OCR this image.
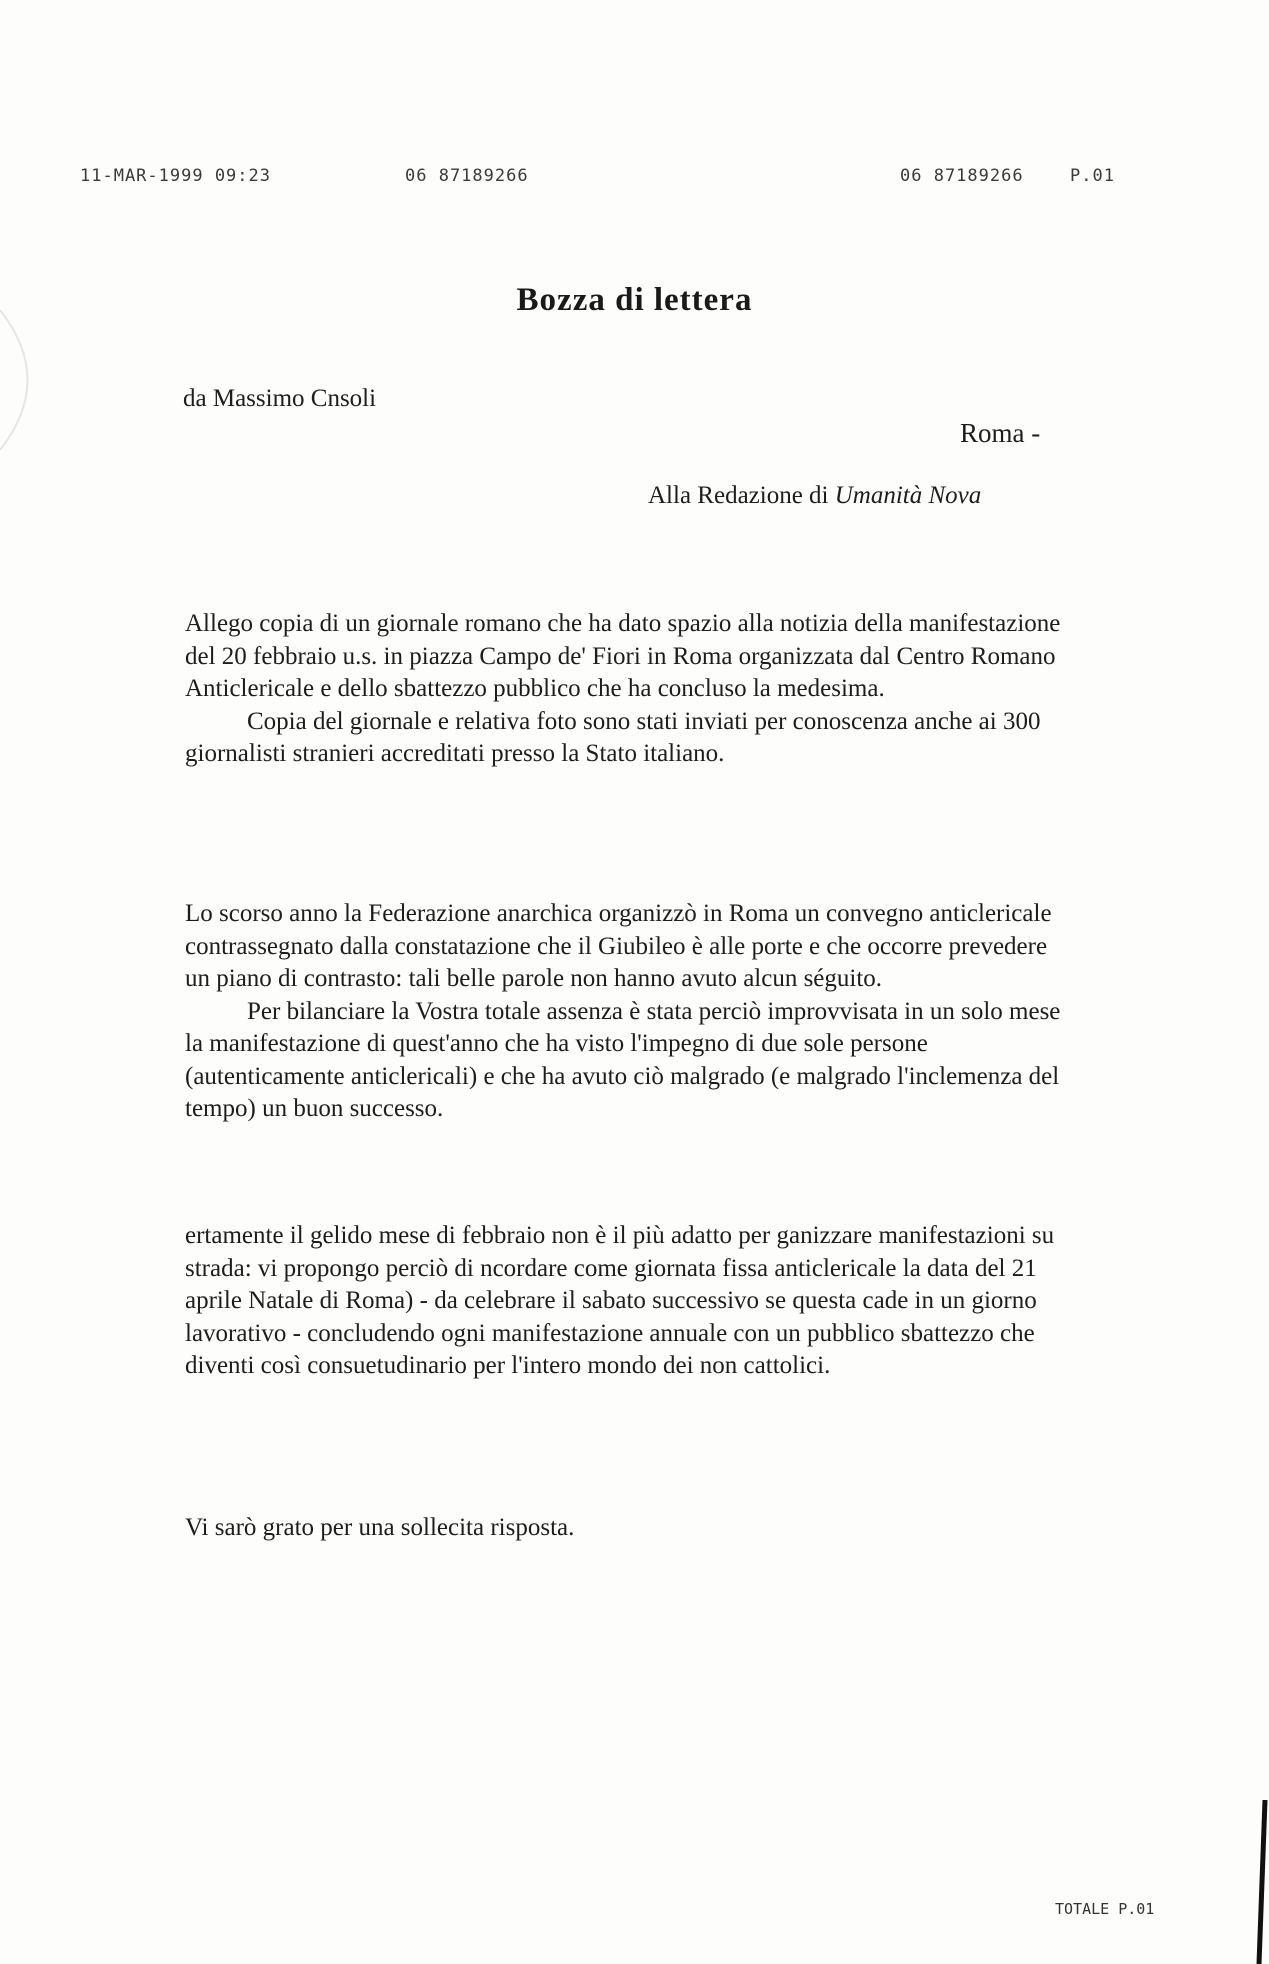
11-MAR-1999 09:23	06 87189266	06 87189266	P.01
Bozza di lettera
da Massimo Cnsoli
Roma -
Alla Redazione di Umanità Nova

Allego copia di un giornale romano che ha dato spazio alla notizia della manifestazione del 20 febbraio u.s. in piazza Campo de' Fiori in Roma organizzata dal Centro Romano Anticlericale e dello sbattezzo pubblico che ha concluso la medesima.

Copia del giornale e relativa foto sono stati inviati per conoscenza anche ai 300 giornalisti stranieri accreditati presso la Stato italiano.

Lo scorso anno la Federazione anarchica organizzò in Roma un convegno anticlericale contrassegnato dalla constatazione che il Giubileo è alle porte e che occorre prevedere un piano di contrasto: tali belle parole non hanno avuto alcun séguito.

Per bilanciare la Vostra totale assenza è stata perciò improvvisata in un solo mese la manifestazione di quest'anno che ha visto l'impegno di due sole persone (autenticamente anticlericali) e che ha avuto ciò malgrado (e malgrado l'inclemenza del tempo) un buon successo.

ertamente il gelido mese di febbraio non è il più adatto per ganizzare manifestazioni su strada: vi propongo perciò di ncordare come giornata fissa anticlericale la data del 21 aprile Natale di Roma) - da celebrare il sabato successivo se questa cade in un giorno lavorativo - concludendo ogni manifestazione annuale con un pubblico sbattezzo che diventi così consuetudinario per l'intero mondo dei non cattolici.

Vi sarò grato per una sollecita risposta.

TOTALE P.01
